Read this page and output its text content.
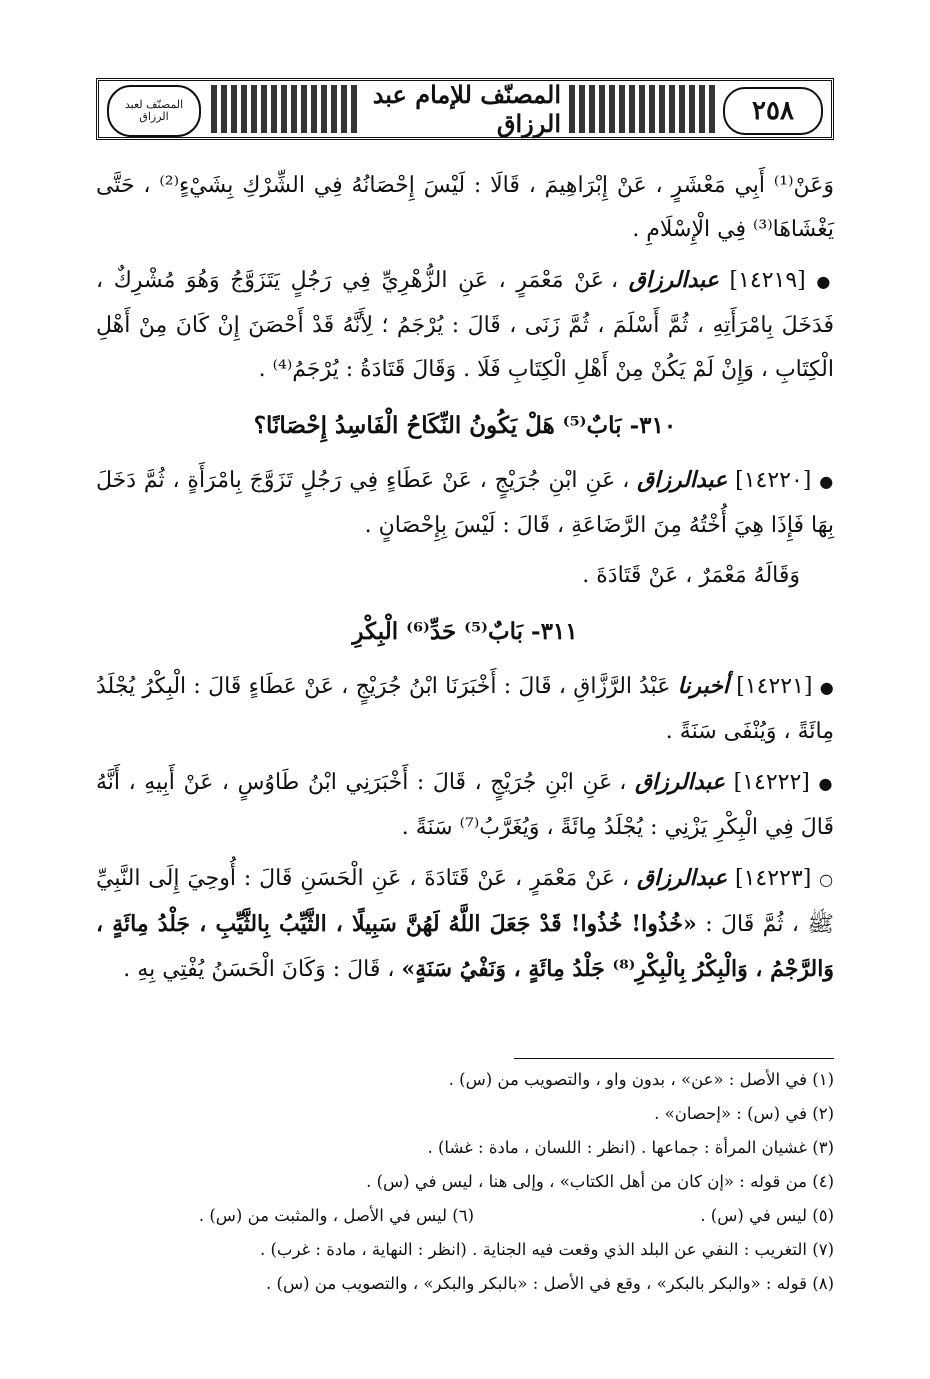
٢٥٨
المصنّف للإمام عبد الرزاق
المصنّف لعبد الرزاق

وَعَنْ⁽¹⁾ أَبِي مَعْشَرٍ ، عَنْ إِبْرَاهِيمَ ، قَالَا : لَيْسَ إِحْصَانُهُ فِي الشِّرْكِ بِشَيْءٍ⁽²⁾ ، حَتَّى يَغْشَاهَا⁽³⁾ فِي الْإِسْلَامِ .

● [١٤٢١٩] عبدالرزاق ، عَنْ مَعْمَرٍ ، عَنِ الزُّهْرِيِّ فِي رَجُلٍ يَتَزَوَّجُ وَهُوَ مُشْرِكٌ ، فَدَخَلَ بِامْرَأَتِهِ ، ثُمَّ أَسْلَمَ ، ثُمَّ زَنَى ، قَالَ : يُرْجَمُ ؛ لِأَنَّهُ قَدْ أَحْصَنَ إِنْ كَانَ مِنْ أَهْلِ الْكِتَابِ ، وَإِنْ لَمْ يَكُنْ مِنْ أَهْلِ الْكِتَابِ فَلَا . وَقَالَ قَتَادَةُ : يُرْجَمُ⁽⁴⁾ .

٣١٠- بَابٌ⁽⁵⁾ هَلْ يَكُونُ النِّكَاحُ الْفَاسِدُ إِحْصَانًا؟

● [١٤٢٢٠] عبدالرزاق ، عَنِ ابْنِ جُرَيْجٍ ، عَنْ عَطَاءٍ فِي رَجُلٍ تَزَوَّجَ بِامْرَأَةٍ ، ثُمَّ دَخَلَ بِهَا فَإِذَا هِيَ أُخْتُهُ مِنَ الرَّضَاعَةِ ، قَالَ : لَيْسَ بِإِحْصَانٍ .

وَقَالَهُ مَعْمَرٌ ، عَنْ قَتَادَةَ .

٣١١- بَابٌ⁽⁵⁾ حَدِّ⁽⁶⁾ الْبِكْرِ

● [١٤٢٢١] أخبرنا عَبْدُ الرَّزَّاقِ ، قَالَ : أَخْبَرَنَا ابْنُ جُرَيْجٍ ، عَنْ عَطَاءٍ قَالَ : الْبِكْرُ يُجْلَدُ مِائَةً ، وَيُنْفَى سَنَةً .

● [١٤٢٢٢] عبدالرزاق ، عَنِ ابْنِ جُرَيْجٍ ، قَالَ : أَخْبَرَنِي ابْنُ طَاوُسٍ ، عَنْ أَبِيهِ ، أَنَّهُ قَالَ فِي الْبِكْرِ يَزْنِي : يُجْلَدُ مِائَةً ، وَيُغَرَّبُ⁽⁷⁾ سَنَةً .

○ [١٤٢٢٣] عبدالرزاق ، عَنْ مَعْمَرٍ ، عَنْ قَتَادَةَ ، عَنِ الْحَسَنِ قَالَ : أُوحِيَ إِلَى النَّبِيِّ ﷺ ، ثُمَّ قَالَ : «خُذُوا! خُذُوا! قَدْ جَعَلَ اللَّهُ لَهُنَّ سَبِيلًا ، الثَّيِّبُ بِالثَّيِّبِ ، جَلْدُ مِائَةٍ ، وَالرَّجْمُ ، وَالْبِكْرُ بِالْبِكْرِ⁽⁸⁾ جَلْدُ مِائَةٍ ، وَنَفْيُ سَنَةٍ» ، قَالَ : وَكَانَ الْحَسَنُ يُفْتِي بِهِ .

(١) في الأصل : «عن» ، بدون واو ، والتصويب من (س) .
(٢) في (س) : «إحصان» .
(٣) غشيان المرأة : جماعها . (انظر : اللسان ، مادة : غشا) .
(٤) من قوله : «إن كان من أهل الكتاب» ، وإلى هنا ، ليس في (س) .
(٥) ليس في (س) .
(٦) ليس في الأصل ، والمثبت من (س) .
(٧) التغريب : النفي عن البلد الذي وقعت فيه الجناية . (انظر : النهاية ، مادة : غرب) .
(٨) قوله : «والبكر بالبكر» ، وقع في الأصل : «بالبكر والبكر» ، والتصويب من (س) .
